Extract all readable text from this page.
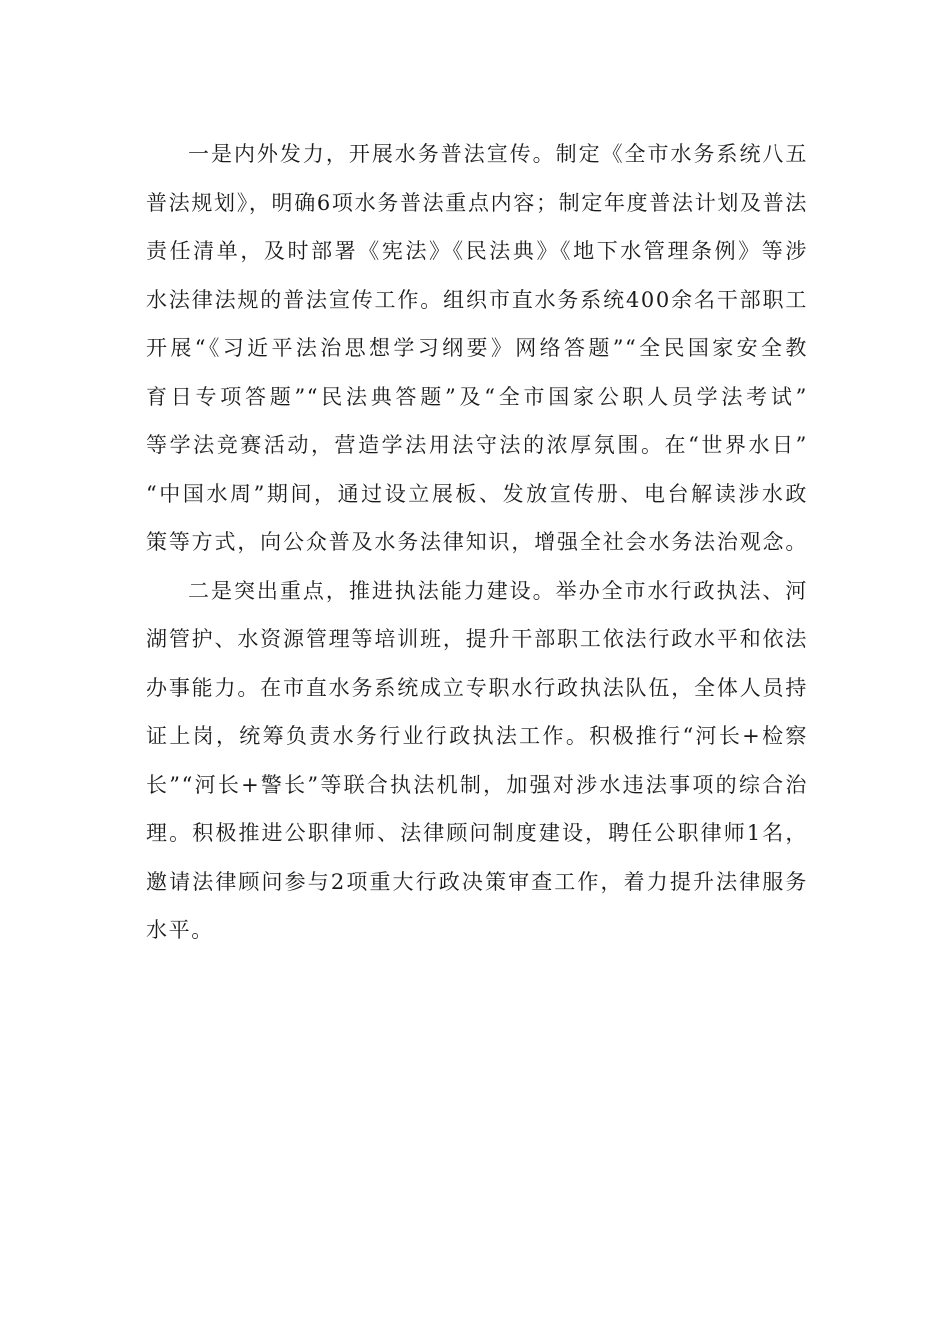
一是内外发力，开展水务普法宣传。制定《全市水务系统八五
普法规划》，明确6项水务普法重点内容；制定年度普法计划及普法
责任清单，及时部署《宪法》《民法典》《地下水管理条例》等涉
水法律法规的普法宣传工作。组织市直水务系统400余名干部职工
开展“《习近平法治思想学习纲要》网络答题”“全民国家安全教
育日专项答题”“民法典答题”及“全市国家公职人员学法考试”
等学法竞赛活动，营造学法用法守法的浓厚氛围。在“世界水日”
“中国水周”期间，通过设立展板、发放宣传册、电台解读涉水政
策等方式，向公众普及水务法律知识，增强全社会水务法治观念。
二是突出重点，推进执法能力建设。举办全市水行政执法、河
湖管护、水资源管理等培训班，提升干部职工依法行政水平和依法
办事能力。在市直水务系统成立专职水行政执法队伍，全体人员持
证上岗，统筹负责水务行业行政执法工作。积极推行“河长+检察
长”“河长+警长”等联合执法机制，加强对涉水违法事项的综合治
理。积极推进公职律师、法律顾问制度建设，聘任公职律师1名，
邀请法律顾问参与2项重大行政决策审查工作，着力提升法律服务
水平。
